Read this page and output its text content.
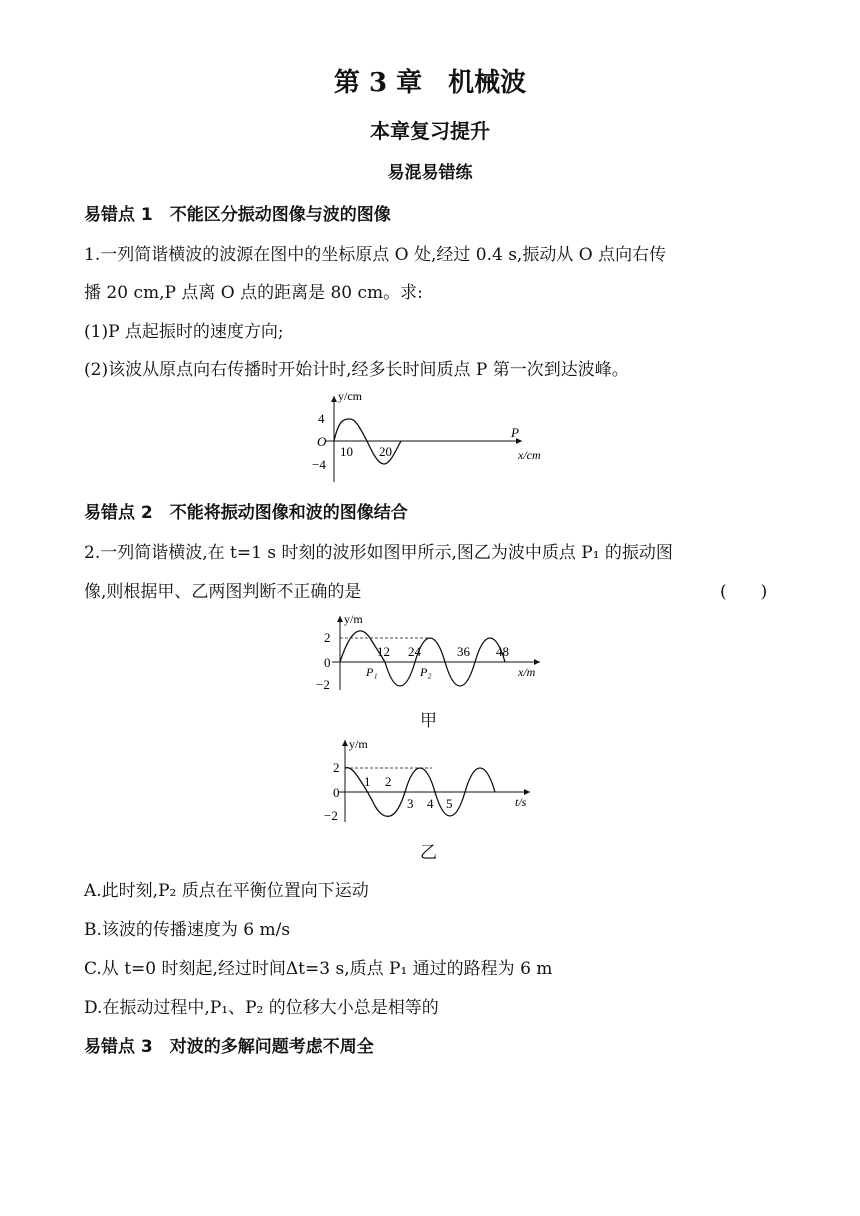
第 3 章　机械波
本章复习提升
易混易错练
易错点 1　不能区分振动图像与波的图像
1.一列简谐横波的波源在图中的坐标原点 O 处,经过 0.4 s,振动从 O 点向右传
播 20 cm,P 点离 O 点的距离是 80 cm。求:
(1)P 点起振时的速度方向;
(2)该波从原点向右传播时开始计时,经多长时间质点 P 第一次到达波峰。
y/cm
4
−4
O
10 20
P
x/cm
易错点 2　不能将振动图像和波的图像结合
2.一列简谐横波,在 t=1 s 时刻的波形如图甲所示,图乙为波中质点 P₁ 的振动图
像,则根据甲、乙两图判断不正确的是	(　　)
y/m
2
0
−2
12 24	36 48
P₁	P₂	x/m
甲
y/m
2
0
−2
1 2
3 4 5	t/s
乙
A.此时刻,P₂ 质点在平衡位置向下运动
B.该波的传播速度为 6 m/s
C.从 t=0 时刻起,经过时间Δt=3 s,质点 P₁ 通过的路程为 6 m
D.在振动过程中,P₁、P₂ 的位移大小总是相等的
易错点 3　对波的多解问题考虑不周全
